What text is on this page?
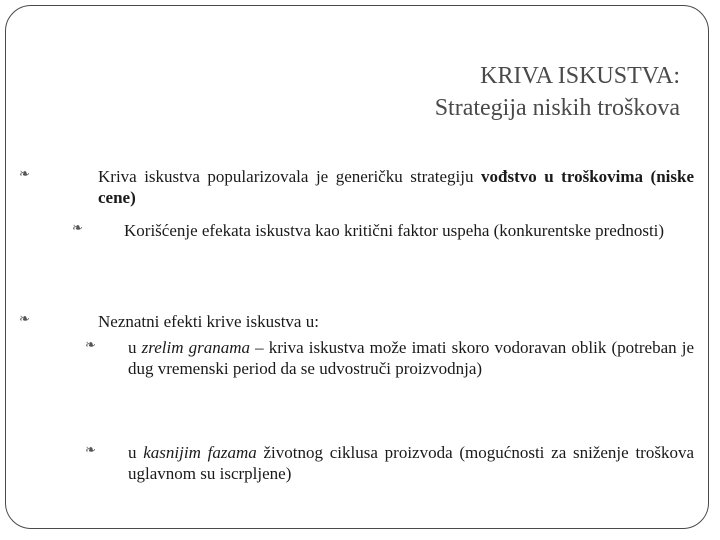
KRIVA ISKUSTVA:
Strategija niskih troškova
❧	Kriva iskustva popularizovala je generičku strategiju vođstvo u troškovima (niske cene)
❧ Korišćenje efekata iskustva kao kritični faktor uspeha (konkurentske prednosti)
❧	Neznatni efekti krive iskustva u:
❧ u zrelim granama – kriva iskustva može imati skoro vodoravan oblik (potreban je dug vremenski period da se udvostruči proizvodnja)
❧ u kasnijim fazama životnog ciklusa proizvoda (mogućnosti za sniženje troškova uglavnom su iscrpljene)
